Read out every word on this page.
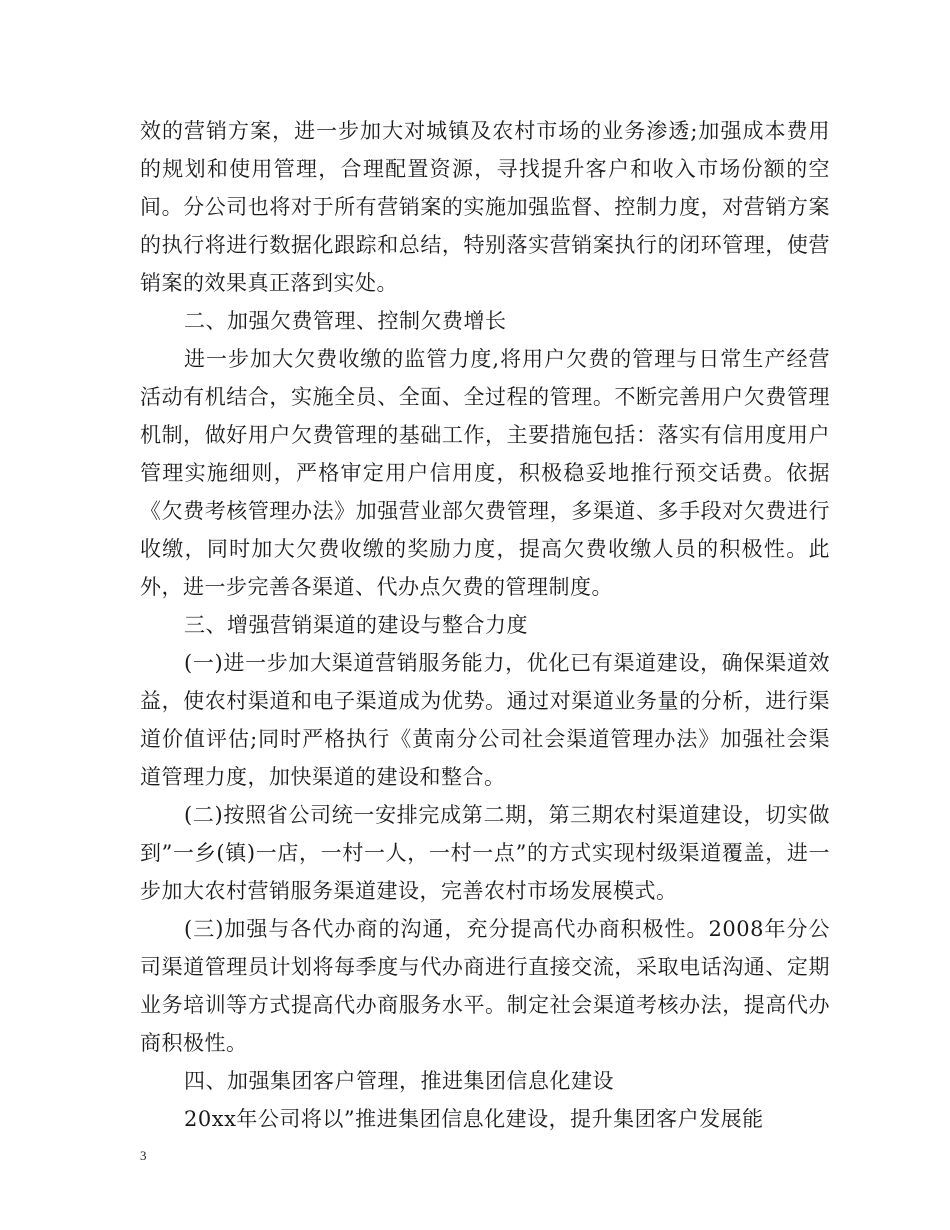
效的营销方案，进一步加大对城镇及农村市场的业务渗透;加强成本费用的规划和使用管理，合理配置资源，寻找提升客户和收入市场份额的空间。分公司也将对于所有营销案的实施加强监督、控制力度，对营销方案的执行将进行数据化跟踪和总结，特别落实营销案执行的闭环管理，使营销案的效果真正落到实处。

二、加强欠费管理、控制欠费增长

进一步加大欠费收缴的监管力度,将用户欠费的管理与日常生产经营活动有机结合，实施全员、全面、全过程的管理。不断完善用户欠费管理机制，做好用户欠费管理的基础工作，主要措施包括：落实有信用度用户管理实施细则，严格审定用户信用度，积极稳妥地推行预交话费。依据《欠费考核管理办法》加强营业部欠费管理，多渠道、多手段对欠费进行收缴，同时加大欠费收缴的奖励力度，提高欠费收缴人员的积极性。此外，进一步完善各渠道、代办点欠费的管理制度。

三、增强营销渠道的建设与整合力度

(一)进一步加大渠道营销服务能力，优化已有渠道建设，确保渠道效益，使农村渠道和电子渠道成为优势。通过对渠道业务量的分析，进行渠道价值评估;同时严格执行《黄南分公司社会渠道管理办法》加强社会渠道管理力度，加快渠道的建设和整合。

(二)按照省公司统一安排完成第二期，第三期农村渠道建设，切实做到”一乡(镇)一店，一村一人，一村一点”的方式实现村级渠道覆盖，进一步加大农村营销服务渠道建设，完善农村市场发展模式。

(三)加强与各代办商的沟通，充分提高代办商积极性。2008年分公司渠道管理员计划将每季度与代办商进行直接交流，采取电话沟通、定期业务培训等方式提高代办商服务水平。制定社会渠道考核办法，提高代办商积极性。

四、加强集团客户管理，推进集团信息化建设

20xx年公司将以”推进集团信息化建设，提升集团客户发展能

3
